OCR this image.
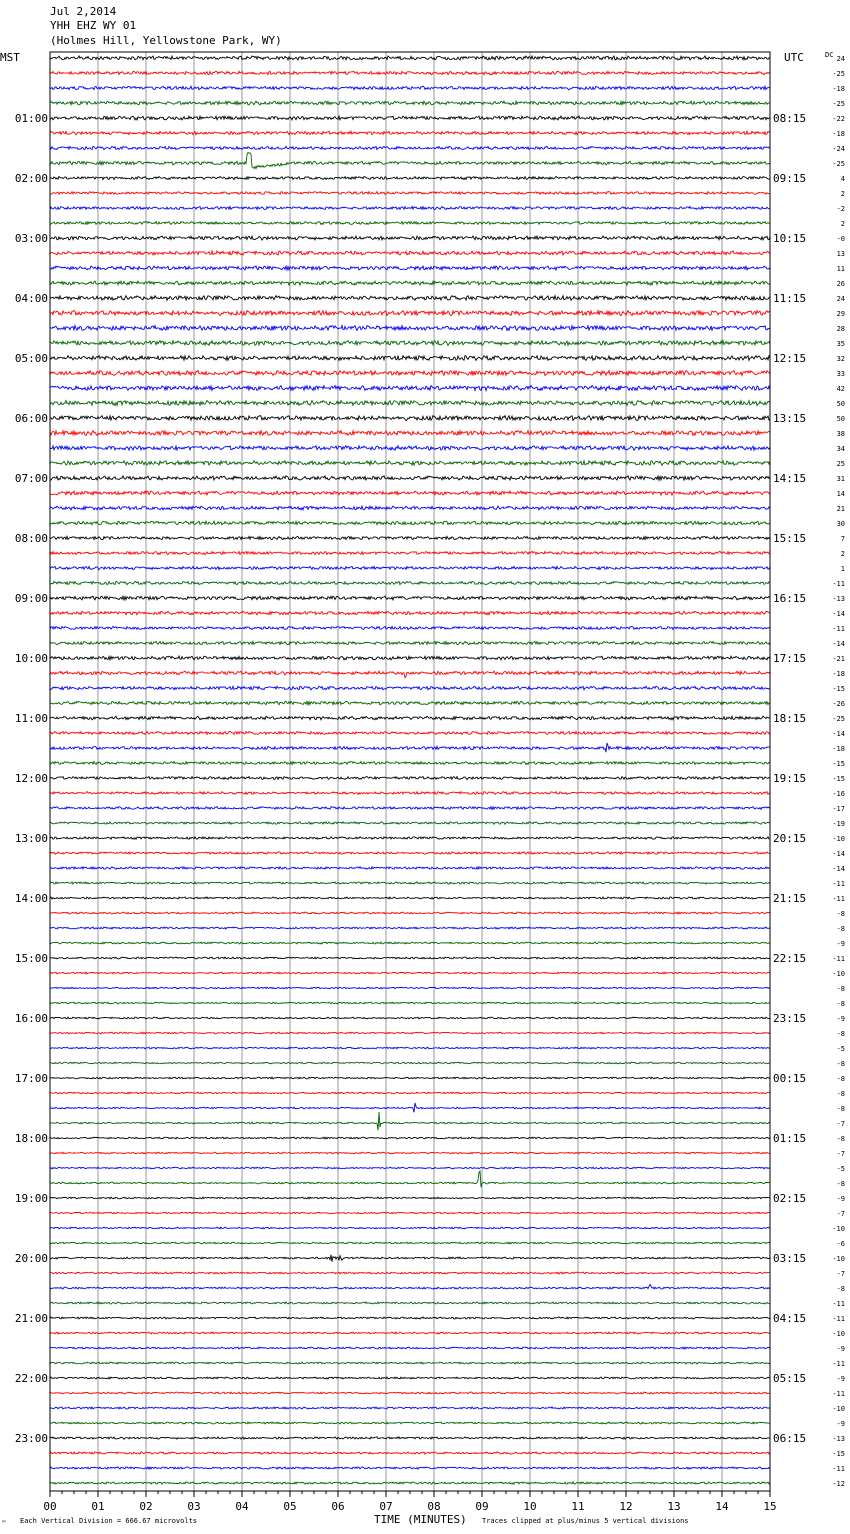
Jul 2,2014
YHH EHZ WY 01
(Holmes Hill, Yellowstone Park, WY)
00	01	02	03	04	05	06	07	08	09	10	11	12	13	14	15
01:00
02:00
03:00
04:00
05:00
06:00
07:00
08:00
09:00
10:00
11:00
12:00
13:00
14:00
15:00
16:00
17:00
18:00
19:00
20:00
21:00
22:00
23:00
08:15
09:15
10:15
11:15
12:15
13:15
14:15
15:15
16:15
17:15
18:15
19:15
20:15
21:15
22:15
23:15
00:15
01:15
02:15
03:15
04:15
05:15
06:15
24
-25
-18
-25
-22
-18
-24
-25
4
2
-2
2
-0
13
11
26
24
29
28
35
32
33
42
50
50
38
34
25
31
14
21
30
7
2
1
-11
-13
-14
-11
-14
-21
-18
-15
-26
-25
-14
-18
-15
-15
-16
-17
-19
-10
-14
-14
-11
-11
-8
-8
-9
-11
-10
-8
-8
-9
-8
-5
-8
-8
-8
-8
-7
-8
-7
-5
-8
-9
-7
-10
-6
-10
-7
-8
-11
-11
-10
-9
-11
-9
-11
-10
-9
-13
-15
-11
-12
MST	UTC	DC
TIME (MINUTES)
Each Vertical Division = 666.67 microvolts	Traces clipped at plus/minus 5 vertical divisions
™
